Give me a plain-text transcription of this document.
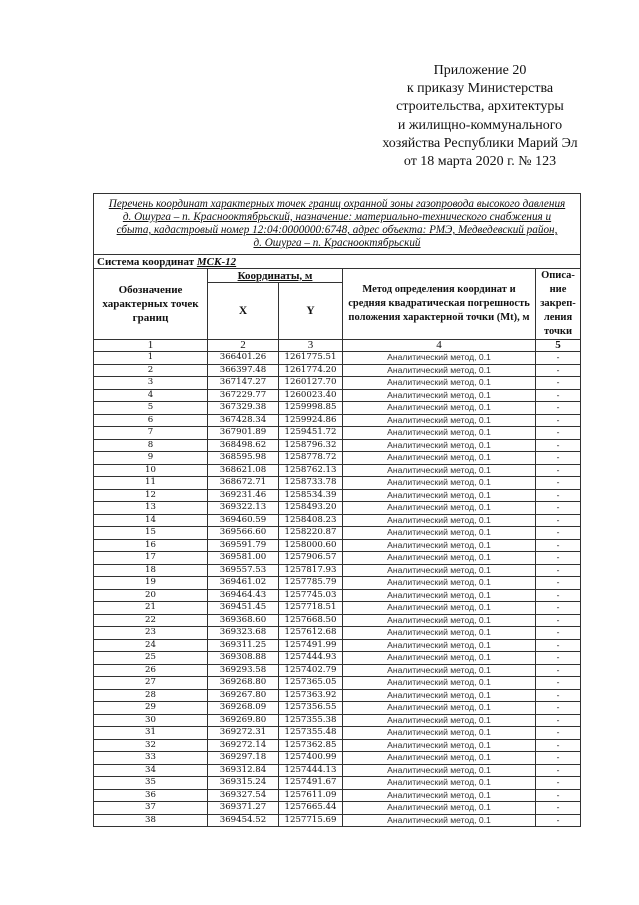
Приложение 20
к приказу Министерства
строительства, архитектуры
и жилищно-коммунального
хозяйства Республики Марий Эл
от 18 марта 2020 г. № 123
Перечень координат характерных точек границ охранной зоны газопровода высокого давления
д. Ошурга – п. Краснооктябрьский, назначение: материально-технического снабжения и
сбыта, кадастровый номер 12:04:0000000:6748, адрес объекта: РМЭ, Медведевский район,
д. Ошурга – п. Краснооктябрьский				

Система координат МСК-12				
Обозначение характерных точек границ	Координаты, м		Метод определения координат и средняя квадратическая погрешность положения характерной точки (Mt), м	Описа-ние закреп-ления точки
	X	Y		
1	2	3	4	5
1	366401.26	1261775.51	Аналитический метод, 0.1	-
2	366397.48	1261774.20	Аналитический метод, 0.1	-
3	367147.27	1260127.70	Аналитический метод, 0.1	-
4	367229.77	1260023.40	Аналитический метод, 0.1	-
5	367329.38	1259998.85	Аналитический метод, 0.1	-
6	367428.34	1259924.86	Аналитический метод, 0.1	-
7	367901.89	1259451.72	Аналитический метод, 0.1	-
8	368498.62	1258796.32	Аналитический метод, 0.1	-
9	368595.98	1258778.72	Аналитический метод, 0.1	-
10	368621.08	1258762.13	Аналитический метод, 0.1	-
11	368672.71	1258733.78	Аналитический метод, 0.1	-
12	369231.46	1258534.39	Аналитический метод, 0.1	-
13	369322.13	1258493.20	Аналитический метод, 0.1	-
14	369460.59	1258408.23	Аналитический метод, 0.1	-
15	369566.60	1258220.87	Аналитический метод, 0.1	-
16	369591.79	1258000.60	Аналитический метод, 0.1	-
17	369581.00	1257906.57	Аналитический метод, 0.1	-
18	369557.53	1257817.93	Аналитический метод, 0.1	-
19	369461.02	1257785.79	Аналитический метод, 0.1	-
20	369464.43	1257745.03	Аналитический метод, 0.1	-
21	369451.45	1257718.51	Аналитический метод, 0.1	-
22	369368.60	1257668.50	Аналитический метод, 0.1	-
23	369323.68	1257612.68	Аналитический метод, 0.1	-
24	369311.25	1257491.99	Аналитический метод, 0.1	-
25	369308.88	1257444.93	Аналитический метод, 0.1	-
26	369293.58	1257402.79	Аналитический метод, 0.1	-
27	369268.80	1257365.05	Аналитический метод, 0.1	-
28	369267.80	1257363.92	Аналитический метод, 0.1	-
29	369268.09	1257356.55	Аналитический метод, 0.1	-
30	369269.80	1257355.38	Аналитический метод, 0.1	-
31	369272.31	1257355.48	Аналитический метод, 0.1	-
32	369272.14	1257362.85	Аналитический метод, 0.1	-
33	369297.18	1257400.99	Аналитический метод, 0.1	-
34	369312.84	1257444.13	Аналитический метод, 0.1	-
35	369315.24	1257491.67	Аналитический метод, 0.1	-
36	369327.54	1257611.09	Аналитический метод, 0.1	-
37	369371.27	1257665.44	Аналитический метод, 0.1	-
38	369454.52	1257715.69	Аналитический метод, 0.1	-
